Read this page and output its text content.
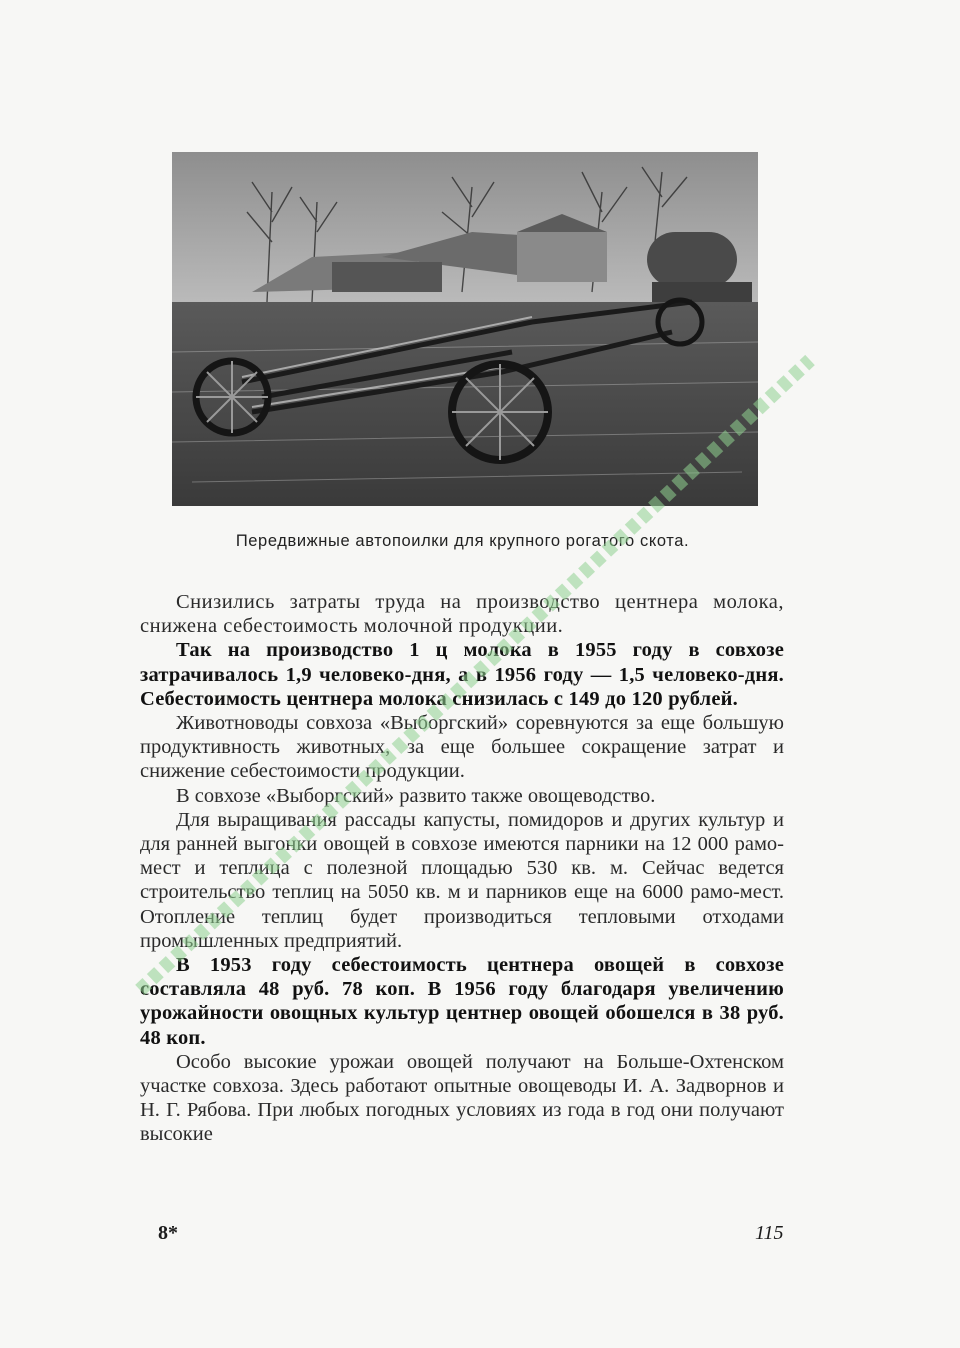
Передвижные автопоилки для крупного рогатого скота.

Снизились затраты труда на производство центнера молока, снижена себестоимость молочной продукции.

Так на производство 1 ц молока в 1955 году в совхозе затрачивалось 1,9 человеко-дня, а в 1956 году — 1,5 человеко-дня. Себестоимость центнера молока снизилась с 149 до 120 рублей.

Животноводы совхоза «Выборгский» соревнуются за еще большую продуктивность животных, за еще большее сокращение затрат и снижение себестоимости продукции.

В совхозе «Выборгский» развито также овощеводство.

Для выращивания рассады капусты, помидоров и других культур и для ранней выгонки овощей в совхозе имеются парники на 12 000 рамо-мест и теплица с полезной площадью 530 кв. м. Сейчас ведется строительство теплиц на 5050 кв. м и парников еще на 6000 рамо-мест. Отопление теплиц будет производиться тепловыми отходами промышленных предприятий.

В 1953 году себестоимость центнера овощей в совхозе составляла 48 руб. 78 коп. В 1956 году благодаря увеличению урожайности овощных культур центнер овощей обошелся в 38 руб. 48 коп.

Особо высокие урожаи овощей получают на Больше-Охтенском участке совхоза. Здесь работают опытные овощеводы И. А. Задворнов и Н. Г. Рябова. При любых погодных условиях из года в год они получают высокие

8*	115
